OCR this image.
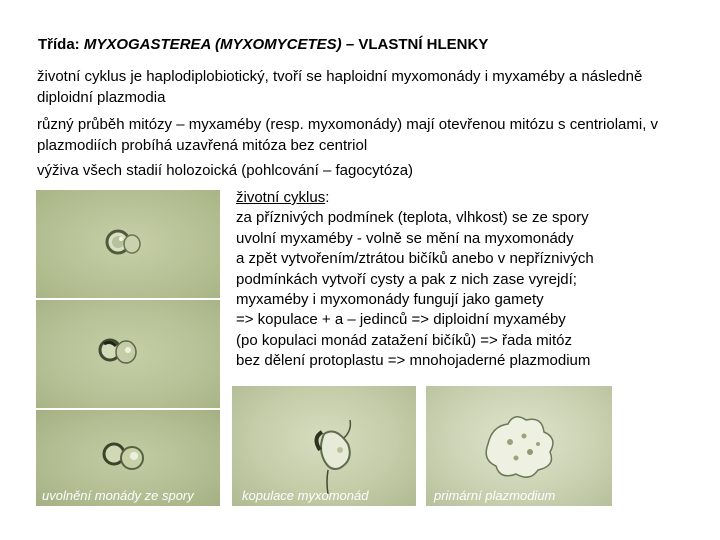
Třída: MYXOGASTEREA (MYXOMYCETES) – VLASTNÍ HLENKY
životní cyklus je haplodiplobiotický, tvoří se haploidní myxomonády i myxaméby a následně diploidní plazmodia
různý průběh mitózy – myxaméby (resp. myxomonády) mají otevřenou mitózu s centriolami, v plazmodiích probíhá uzavřená mitóza bez centriol
výživa všech stadií holozoická (pohlcování – fagocytóza)
životní cyklus:
za příznivých podmínek (teplota, vlhkost) se ze spory
uvolní myxaméby - volně se mění na myxomonády
a zpět vytvořením/ztrátou bičíků anebo v nepříznivých
podmínkách vytvoří cysty a pak z nich zase vyrejdí;
myxaméby i myxomonády fungují jako gamety
=> kopulace + a – jedinců => diploidní myxaméby
(po kopulaci monád zatažení bičíků) => řada mitóz
bez dělení protoplastu => mnohojaderné plazmodium
uvolnění monády ze spory	kopulace myxomonád	primární plazmodium
